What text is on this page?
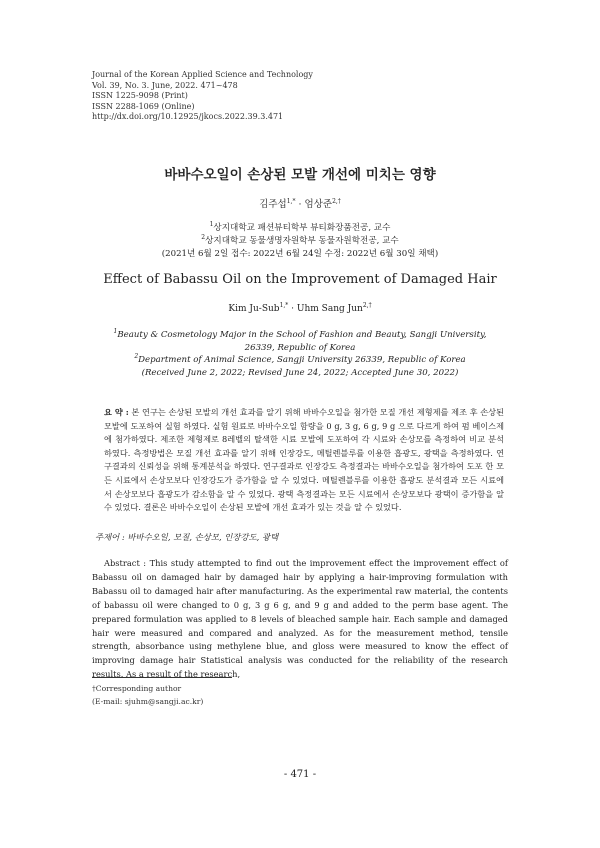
Journal of the Korean Applied Science and Technology
Vol. 39, No. 3. June, 2022. 471~478
ISSN 1225-9098 (Print)
ISSN 2288-1069 (Online)
http://dx.doi.org/10.12925/jkocs.2022.39.3.471
바바수오일이 손상된 모발 개선에 미치는 영향
김주섭$^{1,*}$ · 엄상준$^{2,\dagger}$
$^1$상지대학교 패션뷰티학부 뷰티화장품전공, 교수
$^2$상지대학교 동물생명자원학부 동물자원학전공, 교수
(2021년 6월 2일 접수: 2022년 6월 24일 수정: 2022년 6월 30일 채택)
Effect of Babassu Oil on the Improvement of Damaged Hair
Kim Ju-Sub$^{1,*}$ · Uhm Sang Jun$^{2,\dagger}$
$^1$Beauty & Cosmetology Major in the School of Fashion and Beauty, Sangji University,
26339, Republic of Korea
$^2$Department of Animal Science, Sangji University 26339, Republic of Korea
(Received June 2, 2022; Revised June 24, 2022; Accepted June 30, 2022)
요 약 : 본 연구는 손상된 모발의 개선 효과를 알기 위해 바바수오일을 첨가한 모질 개선 제형제를 제조 후 손상된 모발에 도포하여 실험 하였다. 실험 원료로 바바수오일 함량을 0 g, 3 g, 6 g, 9 g 으로 다르게 하여 펌 베이스제에 첨가하였다. 제조한 제형제로 8레벨의 탈색한 시료 모발에 도포하여 각 시료와 손상모를 측정하여 비교 분석하였다. 측정방법은 모질 개선 효과를 알기 위해 인장강도, 메틸렌블루를 이용한 흡광도, 광택을 측정하였다. 연구결과의 신뢰성을 위해 통계분석을 하였다. 연구결과로 인장강도 측정결과는 바바수오일을 첨가하여 도포 한 모든 시료에서 손상모보다 인장강도가 증가함을 알 수 있었다. 메틸렌블루를 이용한 흡광도 분석결과 모든 시료에서 손상모보다 흡광도가 감소함을 알 수 있었다. 광택 측정결과는 모든 시료에서 손상모보다 광택이 증가함을 알 수 있었다. 결론은 바바수오일이 손상된 모발에 개선 효과가 있는 것을 알 수 있었다.
주제어 : 바바수오일, 모질, 손상모, 인장강도, 광택
Abstract : This study attempted to find out the improvement effect the improvement effect of Babassu oil on damaged hair by damaged hair by applying a hair-improving formulation with Babassu oil to damaged hair after manufacturing. As the experimental raw material, the contents of babassu oil were changed to 0 g, 3 g 6 g, and 9 g and added to the perm base agent. The prepared formulation was applied to 8 levels of bleached sample hair. Each sample and damaged hair were measured and compared and analyzed. As for the measurement method, tensile strength, absorbance using methylene blue, and gloss were measured to know the effect of improving damage hair Statistical analysis was conducted for the reliability of the research results. As a result of the research,
†Corresponding author
(E-mail: sjuhm@sangji.ac.kr)
- 471 -
